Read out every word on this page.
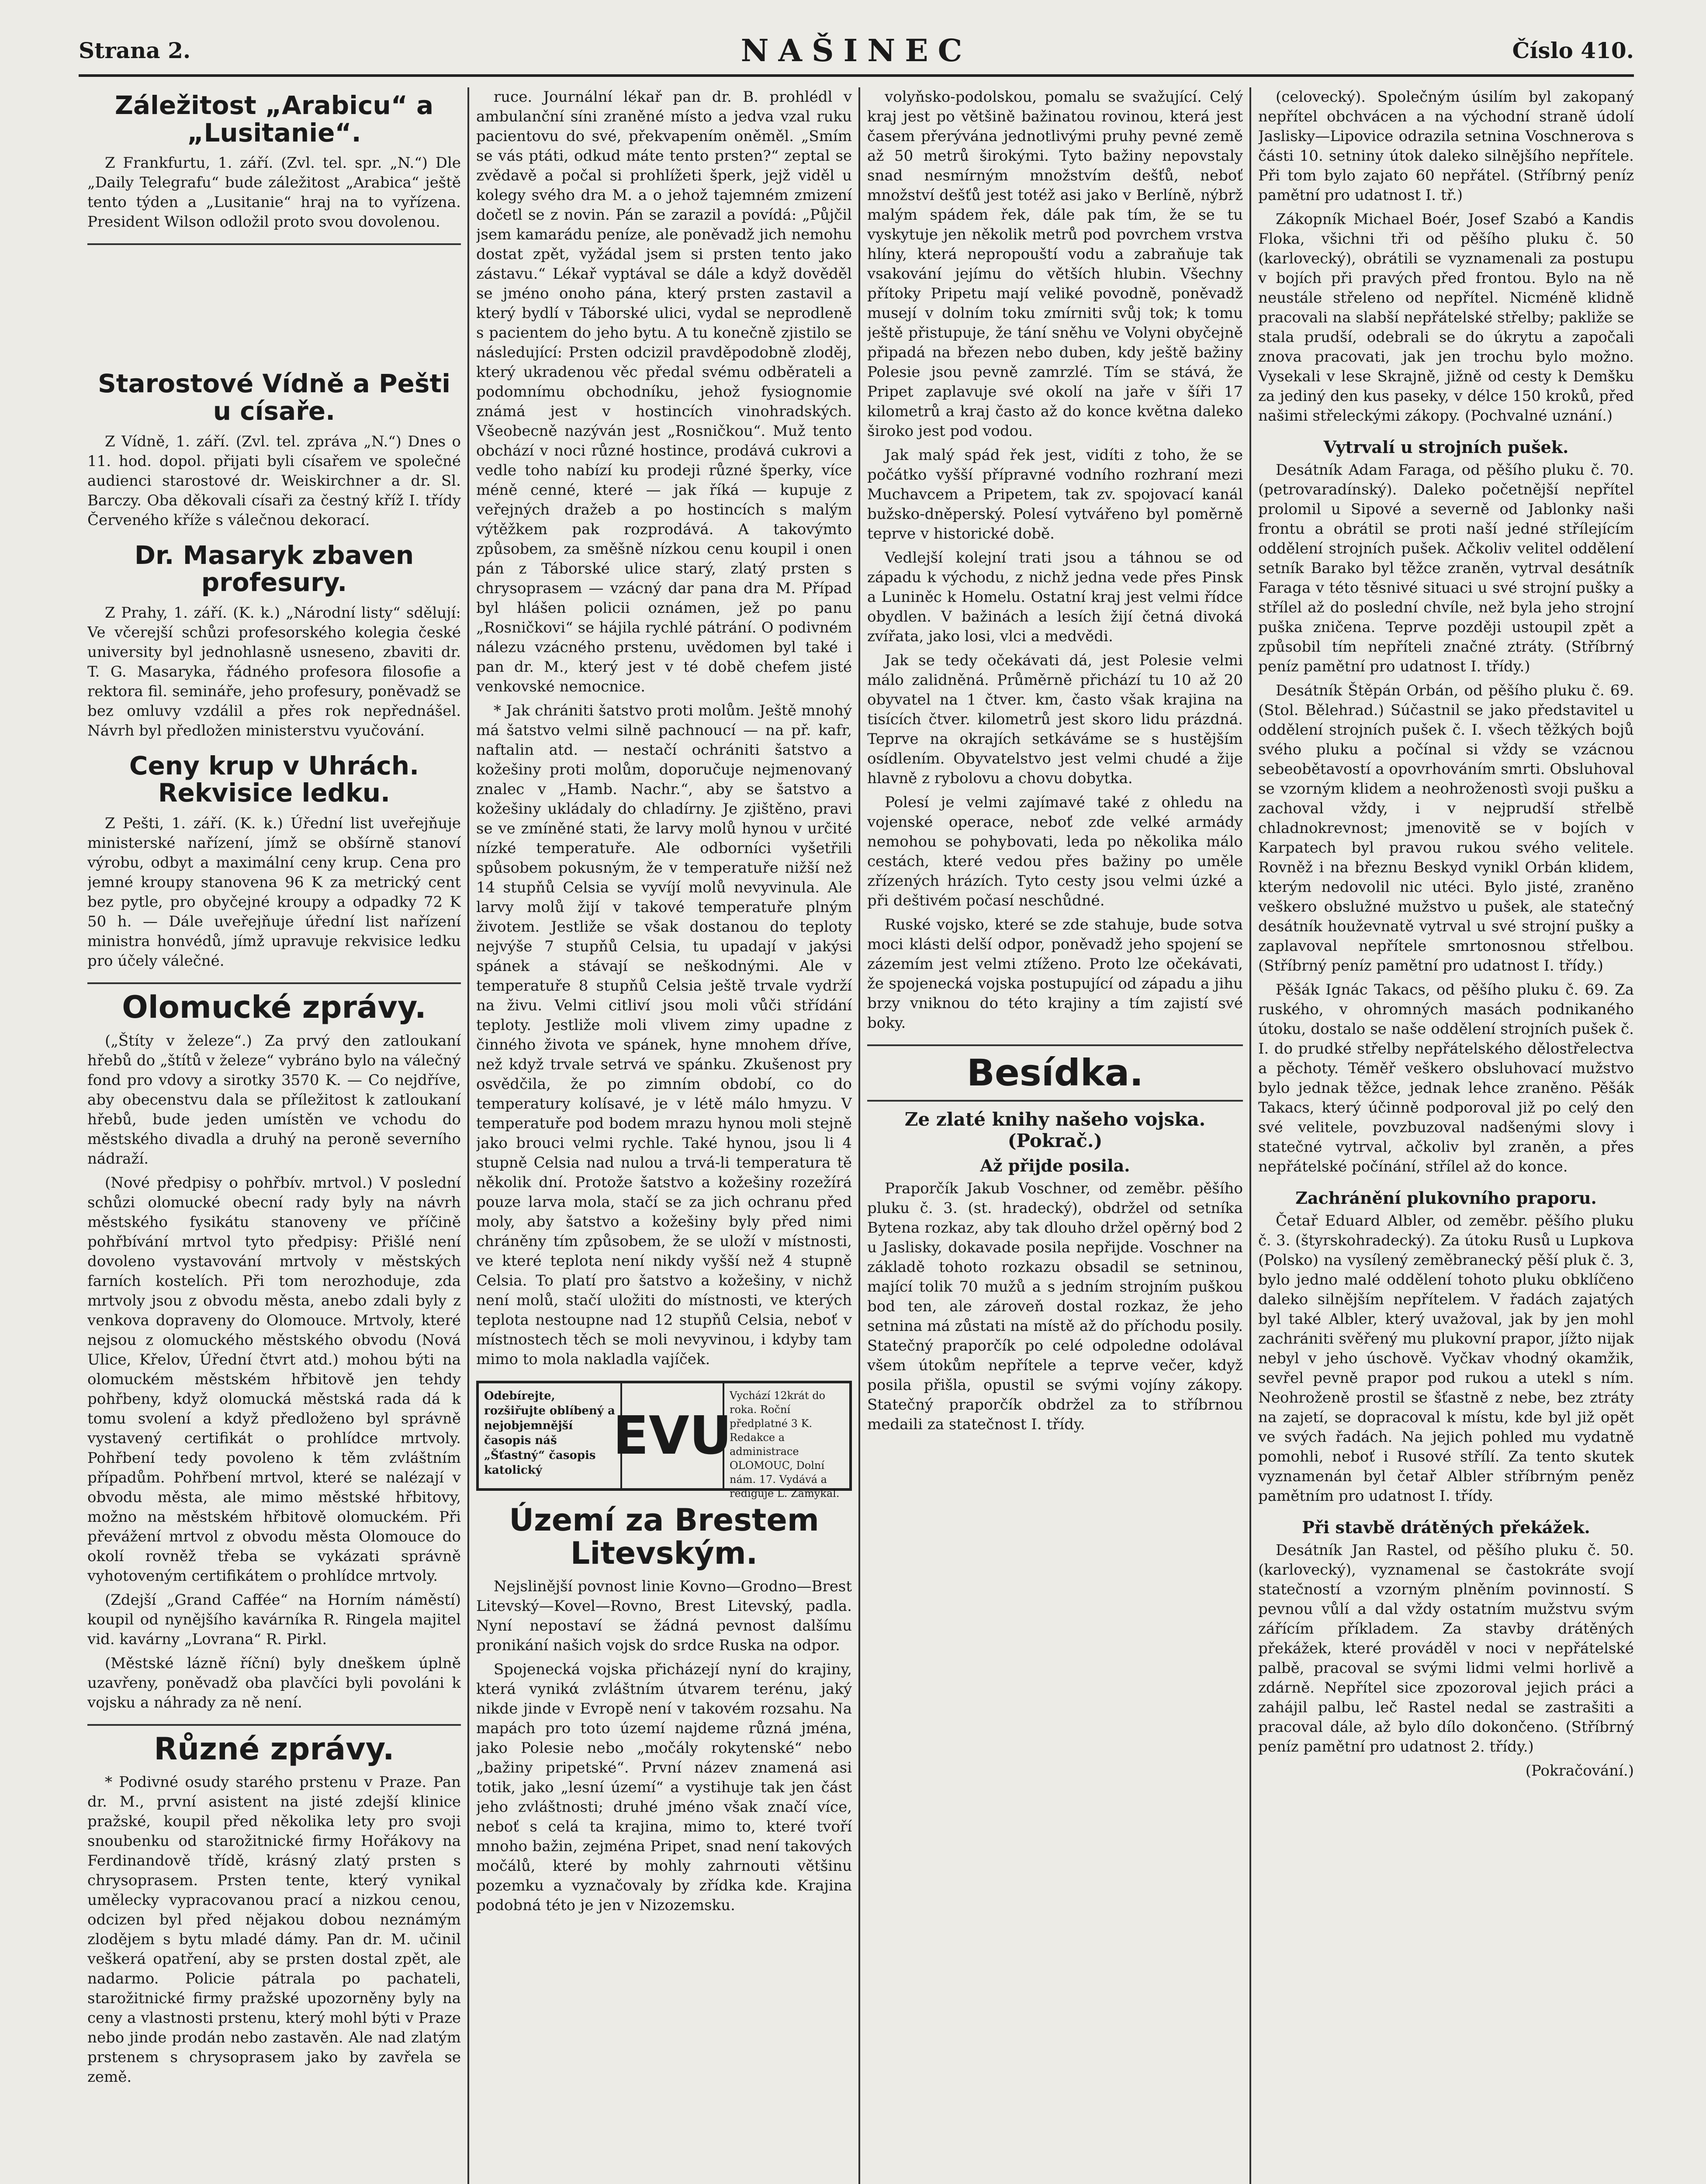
Strana 2.	NAŠINEC	Číslo 410.
Záležitost „Arabicu“ a „Lusitanie“.

Z Frankfurtu, 1. září. (Zvl. tel. spr. „N.“) Dle „Daily Telegrafu“ bude záležitost „Arabica“ ještě tento týden a „Lusitanie“ hraj na to vyřízena. President Wilson odložil proto svou dovolenou.

Starostové Vídně a Pešti u císaře.

Z Vídně, 1. září. (Zvl. tel. zpráva „N.“) Dnes o 11. hod. dopol. přijati byli císařem ve společné audienci starostové dr. Weiskirchner a dr. Sl. Barczy. Oba děkovali císaři za čestný kříž I. třídy Červeného kříže s válečnou dekorací.

Dr. Masaryk zbaven profesury.

Z Prahy, 1. září. (K. k.) „Národní listy“ sdělují: Ve včerejší schůzi profesorského kolegia české university byl jednohlasně usneseno, zbaviti dr. T. G. Masaryka, řádného profesora filosofie a rektora fil. semináře, jeho profesury, poněvadž se bez omluvy vzdálil a přes rok nepřednášel. Návrh byl předložen ministerstvu vyučování.

Ceny krup v Uhrách. Rekvisice ledku.

Z Pešti, 1. září. (K. k.) Úřední list uveřejňuje ministerské nařízení, jímž se obšírně stanoví výrobu, odbyt a maximální ceny krup. Cena pro jemné kroupy stanovena 96 K za metrický cent bez pytle, pro obyčejné kroupy a odpadky 72 K 50 h. — Dále uveřejňuje úřední list nařízení ministra honvédů, jímž upravuje rekvisice ledku pro účely válečné.

Olomucké zprávy.

(„Štíty v železe“.) Za prvý den zatloukaní hřebů do „štítů v železe“ vybráno bylo na válečný fond pro vdovy a sirotky 3570 K. — Co nejdříve, aby obecenstvu dala se příležitost k zatloukaní hřebů, bude jeden umístěn ve vchodu do městského divadla a druhý na peroně severního nádraží.

(Nové předpisy o pohřbív. mrtvol.) V poslední schůzi olomucké obecní rady byly na návrh městského fysikátu stanoveny ve příčině pohřbívání mrtvol tyto předpisy: Přišlé není dovoleno vystavování mrtvoly v městských farních kostelích. Při tom nerozhoduje, zda mrtvoly jsou z obvodu města, anebo zdali byly z venkova dopraveny do Olomouce. Mrtvoly, které nejsou z olomuckého městského obvodu (Nová Ulice, Křelov, Úřední čtvrt atd.) mohou býti na olomuckém městském hřbitově jen tehdy pohřbeny, když olomucká městská rada dá k tomu svolení a když předloženo byl správně vystavený certifikát o prohlídce mrtvoly. Pohřbení tedy povoleno k těm zvláštním případům. Pohřbení mrtvol, které se nalézají v obvodu města, ale mimo městské hřbitovy, možno na městském hřbitově olomuckém. Při převážení mrtvol z obvodu města Olomouce do okolí rovněž třeba se vykázati správně vyhotoveným certifikátem o prohlídce mrtvoly.

(Zdejší „Grand Caffée“ na Horním náměstí) koupil od nynějšího kavárníka R. Ringela majitel vid. kavárny „Lovrana“ R. Pirkl.

(Městské lázně říční) byly dneškem úplně uzavřeny, poněvadž oba plavčíci byli povoláni k vojsku a náhrady za ně není.

Různé zprávy.

* Podivné osudy starého prstenu v Praze. Pan dr. M., první asistent na jisté zdejší klinice pražské, koupil před několika lety pro svoji snoubenku od starožitnické firmy Hořákovy na Ferdinandově třídě, krásný zlatý prsten s chrysoprasem. Prsten tente, který vynikal umělecky vypracovanou prací a nizkou cenou, odcizen byl před nějakou dobou neznámým zlodějem s bytu mladé dámy. Pan dr. M. učinil veškerá opatření, aby se prsten dostal zpět, ale nadarmo. Policie pátrala po pachateli, starožitnické firmy pražské upozorněny byly na ceny a vlastnosti prstenu, který mohl býti v Praze nebo jinde prodán nebo zastavěn. Ale nad zlatým prstenem s chrysoprasem jako by zavřela se země.

ruce. Journální lékař pan dr. B. prohlédl v ambulanční síni zraněné místo a jedva vzal ruku pacientovu do své, překvapením oněměl. „Smím se vás ptáti, odkud máte tento prsten?“ zeptal se zvědavě a počal si prohlížeti šperk, jejž viděl u kolegy svého dra M. a o jehož tajemném zmizení dočetl se z novin. Pán se zarazil a povídá: „Půjčil jsem kamarádu peníze, ale poněvadž jich nemohu dostat zpět, vyžádal jsem si prsten tento jako zástavu.“ Lékař vyptával se dále a když dověděl se jméno onoho pána, který prsten zastavil a který bydlí v Táborské ulici, vydal se neprodleně s pacientem do jeho bytu. A tu konečně zjistilo se následující: Prsten odcizil pravděpodobně zloděj, který ukradenou věc předal svému odběrateli a podomnímu obchodníku, jehož fysiognomie známá jest v hostincích vinohradských. Všeobecně nazýván jest „Rosničkou“. Muž tento obchází v noci různé hostince, prodává cukrovi a vedle toho nabízí ku prodeji různé šperky, více méně cenné, které — jak říká — kupuje z veřejných dražeb a po hostincích s malým výtěžkem pak rozprodává. A takovýmto způsobem, za směšně nízkou cenu koupil i onen pán z Táborské ulice starý, zlatý prsten s chrysoprasem — vzácný dar pana dra M. Případ byl hlášen policii oznámen, jež po panu „Rosničkovi“ se hájila rychlé pátrání. O podivném nálezu vzácného prstenu, uvědomen byl také i pan dr. M., který jest v té době chefem jisté venkovské nemocnice.

* Jak chrániti šatstvo proti molům. Ještě mnohý má šatstvo velmi silně pachnoucí — na př. kafr, naftalin atd. — nestačí ochrániti šatstvo a kožešiny proti molům, doporučuje nejmenovaný znalec v „Hamb. Nachr.“, aby se šatstvo a kožešiny ukládaly do chladírny. Je zjištěno, pravi se ve zmíněné stati, že larvy molů hynou v určité nízké temperatuře. Ale odborníci vyšetřili spůsobem pokusným, že v temperatuře nižší než 14 stupňů Celsia se vyvíjí molů nevyvinula. Ale larvy molů žijí v takové temperatuře plným životem. Jestliže se však dostanou do teploty nejvýše 7 stupňů Celsia, tu upadají v jakýsi spánek a stávají se neškodnými. Ale v temperatuře 8 stupňů Celsia ještě trvale vydrží na živu. Velmi citliví jsou moli vůči střídání teploty. Jestliže moli vlivem zimy upadne z činného života ve spánek, hyne mnohem dříve, než když trvale setrvá ve spánku. Zkušenost pry osvědčila, že po zimním období, co do temperatury kolísavé, je v létě málo hmyzu. V temperatuře pod bodem mrazu hynou moli stejně jako brouci velmi rychle. Také hynou, jsou li 4 stupně Celsia nad nulou a trvá-li temperatura tě několik dní. Protože šatstvo a kožešiny rozežírá pouze larva mola, stačí se za jich ochranu před moly, aby šatstvo a kožešiny byly před nimi chráněny tím způsobem, že se uloží v místnosti, ve které teplota není nikdy vyšší než 4 stupně Celsia. To platí pro šatstvo a kožešiny, v nichž není molů, stačí uložiti do místnosti, ve kterých teplota nestoupne nad 12 stupňů Celsia, neboť v místnostech těch se moli nevyvinou, i kdyby tam mimo to mola nakladla vajíček.

Odebírejte, rozšiřujte oblíbený a nejobjemnější časopis náš „Šťastný“ časopis katolický
EVU
Vychází 12krát do roka. Roční předplatné 3 K. Redakce a administrace OLOMOUC, Dolní nám. 17. Vydává a rediguje L. Zamykal.
Území za Brestem Litevským.

Nejslinější povnost linie Kovno—Grodno—Brest Litevský—Kovel—Rovno, Brest Litevský, padla. Nyní nepostaví se žádná pevnost dalšímu pronikání našich vojsk do srdce Ruska na odpor.

Spojenecká vojska přicházejí nyní do krajiny, která vynikά zvláštním útvarem terénu, jaký nikde jinde v Evropě není v takovém rozsahu. Na mapách pro toto území najdeme různá jména, jako Polesie nebo „močály rokytenské“ nebo „bažiny pripetské“. První název znamená asi totik, jako „lesní území“ a vystihuje tak jen část jeho zvláštnosti; druhé jméno však značí více, neboť s celá ta krajina, mimo to, které tvoří mnoho bažin, zejména Pripet, snad není takových močálů, které by mohly zahrnouti většinu pozemku a vyznačovaly by zřídka kde. Krajina podobná této je jen v Nizozemsku.

volyňsko-podolskou, pomalu se svažující. Celý kraj jest po většině bažinatou rovinou, která jest časem přerývána jednotlivými pruhy pevné země až 50 metrů širokými. Tyto bažiny nepovstaly snad nesmírným množstvím dešťů, neboť množství dešťů jest totéž asi jako v Berlíně, nýbrž malým spádem řek, dále pak tím, že se tu vyskytuje jen několik metrů pod povrchem vrstva hlíny, která nepropouští vodu a zabraňuje tak vsakování jejímu do větších hlubin. Všechny přítoky Pripetu mají veliké povodně, poněvadž musejí v dolním toku zmírniti svůj tok; k tomu ještě přistupuje, že tání sněhu ve Volyni obyčejně připadá na březen nebo duben, kdy ještě bažiny Polesie jsou pevně zamrzlé. Tím se stává, že Pripet zaplavuje své okolí na jaře v šíři 17 kilometrů a kraj často až do konce května daleko široko jest pod vodou.

Jak malý spád řek jest, vidíti z toho, že se počátko vyšší přípravné vodního rozhraní mezi Muchavcem a Pripetem, tak zv. spojovací kanál bužsko-dněperský. Polesí vytvářeno byl poměrně teprve v historické době.

Vedlejší kolejní trati jsou a táhnou se od západu k východu, z nichž jedna vede přes Pinsk a Luniněc k Homelu. Ostatní kraj jest velmi řídce obydlen. V bažinách a lesích žijí četná divoká zvířata, jako losi, vlci a medvědi.

Jak se tedy očekávati dá, jest Polesie velmi málo zalidněná. Průměrně přichází tu 10 až 20 obyvatel na 1 čtver. km, často však krajina na tisících čtver. kilometrů jest skoro lidu prázdná. Teprve na okrajích setkáváme se s hustějším osídlením. Obyvatelstvo jest velmi chudé a žije hlavně z rybolovu a chovu dobytka.

Polesí je velmi zajímavé také z ohledu na vojenské operace, neboť zde velké armády nemohou se pohybovati, leda po několika málo cestách, které vedou přes bažiny po uměle zřízených hrázích. Tyto cesty jsou velmi úzké a při deštivém počasí neschůdné.

Ruské vojsko, které se zde stahuje, bude sotva moci klásti delší odpor, poněvadž jeho spojení se zázemím jest velmi ztíženo. Proto lze očekávati, že spojenecká vojska postupující od západu a jihu brzy vniknou do této krajiny a tím zajistí své boky.

Besídka.
Ze zlaté knihy našeho vojska. (Pokrač.)
Až přijde posila.

Praporčík Jakub Voschner, od zeměbr. pěšího pluku č. 3. (st. hradecký), obdržel od setníka Bytena rozkaz, aby tak dlouho držel opěrný bod 2 u Jaslisky, dokavade posila nepřijde. Voschner na základě tohoto rozkazu obsadil se setninou, mající tolik 70 mužů a s jedním strojním puškou bod ten, ale zároveň dostal rozkaz, že jeho setnina má zůstati na místě až do příchodu posily. Statečný praporčík po celé odpoledne odolával všem útokům nepřítele a teprve večer, když posila přišla, opustil se svými vojíny zákopy. Statečný praporčík obdržel za to stříbrnou medaili za statečnost I. třídy.

(celovecký). Společným úsilím byl zakopaný nepřítel obchvácen a na východní straně údolí Jaslisky—Lipovice odrazila setnina Voschnerova s části 10. setniny útok daleko silnějšího nepřítele. Při tom bylo zajato 60 nepřátel. (Stříbrný peníz pamětní pro udatnost I. tř.)

Zákopník Michael Boér, Josef Szabó a Kandis Floka, všichni tři od pěšího pluku č. 50 (karlovecký), obrátili se vyznamenali za postupu v bojích při pravých před frontou. Bylo na ně neustále střeleno od nepřítel. Nicméně klidně pracovali na slabší nepřátelské střelby; pakliže se stala prudší, odebrali se do úkrytu a započali znova pracovati, jak jen trochu bylo možno. Vysekali v lese Skrajně, jižně od cesty k Demšku za jediný den kus paseky, v délce 150 kroků, před našimi střeleckými zákopy. (Pochvalné uznání.)

Vytrvalí u strojních pušek.

Desátník Adam Faraga, od pěšího pluku č. 70. (petrovaradínský). Daleko početnější nepřítel prolomil u Sipové a severně od Jablonky naši frontu a obrátil se proti naší jedné střílejícím oddělení strojních pušek. Ačkoliv velitel oddělení setník Barako byl těžce zraněn, vytrval desátník Faraga v této těsnivé situaci u své strojní pušky a střílel až do poslední chvíle, než byla jeho strojní puška zničena. Teprve později ustoupil zpět a způsobil tím nepříteli značné ztráty. (Stříbrný peníz pamětní pro udatnost I. třídy.)

Desátník Štěpán Orbán, od pěšího pluku č. 69. (Stol. Bělehrad.) Súčastnil se jako představitel u oddělení strojních pušek č. I. všech těžkých bojů svého pluku a počínal si vždy se vzácnou sebeobětavostí a opovrhováním smrti. Obsluhoval se vzorným klidem a neohroženostì svoji pušku a zachoval vždy, i v nejprudší střelbě chladnokrevnost; jmenovitě se v bojích v Karpatech byl pravou rukou svého velitele. Rovněž i na březnu Beskyd vynikl Orbán klidem, kterým nedovolil nic utéci. Bylo jisté, zraněno veškero obslužné mužstvo u pušek, ale statečný desátník houževnatě vytrval u své strojní pušky a zaplavoval nepřítele smrtonosnou střelbou. (Stříbrný peníz pamětní pro udatnost I. třídy.)

Pěšák Ignác Takacs, od pěšího pluku č. 69. Za ruského, v ohromných masách podnikaného útoku, dostalo se naše oddělení strojních pušek č. I. do prudké střelby nepřátelského dělostřelectva a pěchoty. Téměř veškero obsluhovací mužstvo bylo jednak těžce, jednak lehce zraněno. Pěšák Takacs, který účinně podporoval již po celý den své velitele, povzbuzoval nadšenými slovy i statečné vytrval, ačkoliv byl zraněn, a přes nepřátelské počínání, střílel až do konce.

Zachránění plukovního praporu.

Četař Eduard Albler, od zeměbr. pěšího pluku č. 3. (štyrskohradecký). Za útoku Rusů u Lupkova (Polsko) na vysílený zeměbranecký pěší pluk č. 3, bylo jedno malé oddělení tohoto pluku obklíčeno daleko silnějším nepřítelem. V řadách zajatých byl také Albler, který uvažoval, jak by jen mohl zachrániti svěřený mu plukovní prapor, jížto nijak nebyl v jeho úschově. Vyčkav vhodný okamžik, sevřel pevně prapor pod rukou a utekl s ním. Neohroženě prostil se šťastně z nebe, bez ztráty na zajetí, se dopracoval k místu, kde byl již opět ve svých řadách. Na jejich pohled mu vydatně pomohli, neboť i Rusové střílí. Za tento skutek vyznamenán byl četař Albler stříbrným peněz pamětním pro udatnost I. třídy.

Při stavbě drátěných překážek.

Desátník Jan Rastel, od pěšího pluku č. 50. (karlovecký), vyznamenal se častokráte svojí statečností a vzorným plněním povinností. S pevnou vůlí a dal vždy ostatním mužstvu svým zářícím příkladem. Za stavby drátěných překážek, které prováděl v noci v nepřátelské palbě, pracoval se svými lidmi velmi horlivě a zdárně. Nepřítel sice zpozoroval jejich práci a zahájil palbu, leč Rastel nedal se zastrašiti a pracoval dále, až bylo dílo dokončeno. (Stříbrný peníz pamětní pro udatnost 2. třídy.)

(Pokračování.)
